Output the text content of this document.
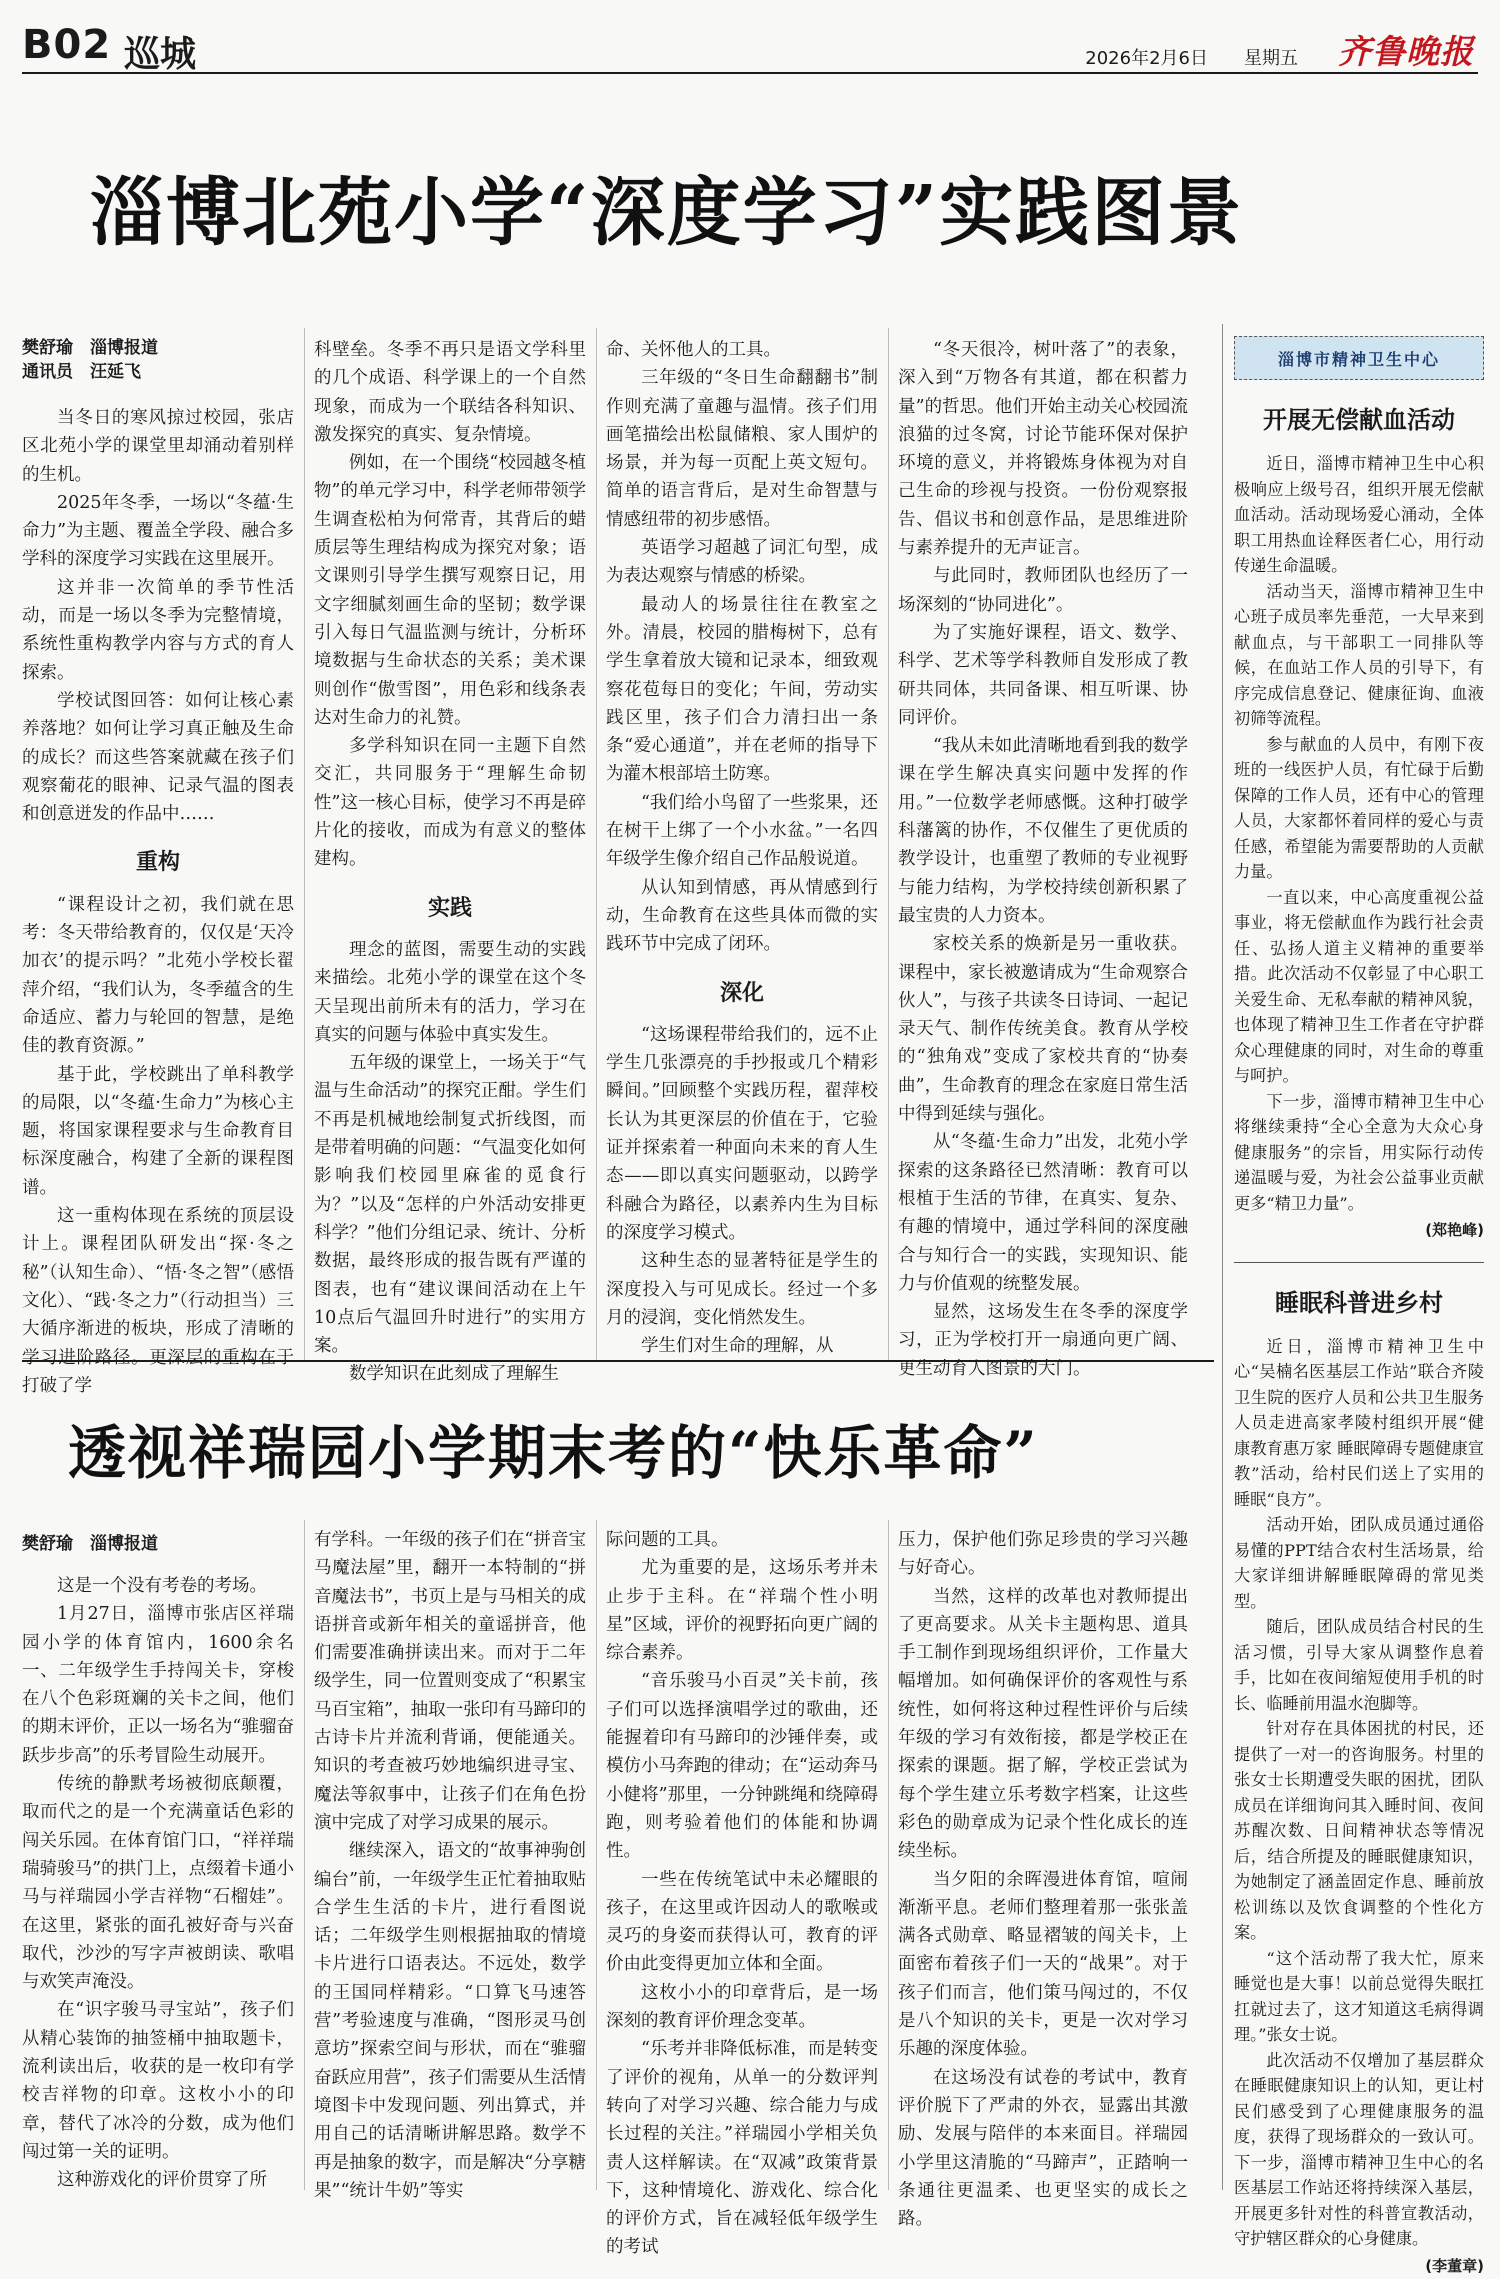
B02 巡城	2026年2月6日 星期五 齐鲁晚报
淄博北苑小学“深度学习”实践图景
樊舒瑜　淄博报道
通讯员　汪延飞

当冬日的寒风掠过校园，张店区北苑小学的课堂里却涌动着别样的生机。

2025年冬季，一场以“冬蕴·生命力”为主题、覆盖全学段、融合多学科的深度学习实践在这里展开。

这并非一次简单的季节性活动，而是一场以冬季为完整情境，系统性重构教学内容与方式的育人探索。

学校试图回答：如何让核心素养落地？如何让学习真正触及生命的成长？而这些答案就藏在孩子们观察葡花的眼神、记录气温的图表和创意迸发的作品中……

重构

“课程设计之初，我们就在思考：冬天带给教育的，仅仅是‘天冷加衣’的提示吗？”北苑小学校长翟萍介绍，“我们认为，冬季蕴含的生命适应、蓄力与轮回的智慧，是绝佳的教育资源。”

基于此，学校跳出了单科教学的局限，以“冬蕴·生命力”为核心主题，将国家课程要求与生命教育目标深度融合，构建了全新的课程图谱。

这一重构体现在系统的顶层设计上。课程团队研发出“探·冬之秘”（认知生命）、“悟·冬之智”（感悟文化）、“践·冬之力”（行动担当）三大循序渐进的板块，形成了清晰的学习进阶路径。更深层的重构在于打破了学

科壁垒。冬季不再只是语文学科里的几个成语、科学课上的一个自然现象，而成为一个联结各科知识、激发探究的真实、复杂情境。

例如，在一个围绕“校园越冬植物”的单元学习中，科学老师带领学生调查松柏为何常青，其背后的蜡质层等生理结构成为探究对象；语文课则引导学生撰写观察日记，用文字细腻刻画生命的坚韧；数学课引入每日气温监测与统计，分析环境数据与生命状态的关系；美术课则创作“傲雪图”，用色彩和线条表达对生命力的礼赞。

多学科知识在同一主题下自然交汇，共同服务于“理解生命韧性”这一核心目标，使学习不再是碎片化的接收，而成为有意义的整体建构。

实践

理念的蓝图，需要生动的实践来描绘。北苑小学的课堂在这个冬天呈现出前所未有的活力，学习在真实的问题与体验中真实发生。

五年级的课堂上，一场关于“气温与生命活动”的探究正酣。学生们不再是机械地绘制复式折线图，而是带着明确的问题：“气温变化如何影响我们校园里麻雀的觅食行为？”以及“怎样的户外活动安排更科学？”他们分组记录、统计、分析数据，最终形成的报告既有严谨的图表，也有“建议课间活动在上午10点后气温回升时进行”的实用方案。

数学知识在此刻成了理解生

命、关怀他人的工具。

三年级的“冬日生命翻翻书”制作则充满了童趣与温情。孩子们用画笔描绘出松鼠储粮、家人围炉的场景，并为每一页配上英文短句。简单的语言背后，是对生命智慧与情感纽带的初步感悟。

英语学习超越了词汇句型，成为表达观察与情感的桥梁。

最动人的场景往往在教室之外。清晨，校园的腊梅树下，总有学生拿着放大镜和记录本，细致观察花苞每日的变化；午间，劳动实践区里，孩子们合力清扫出一条条“爱心通道”，并在老师的指导下为灌木根部培土防寒。

“我们给小鸟留了一些浆果，还在树干上绑了一个小水盆。”一名四年级学生像介绍自己作品般说道。

从认知到情感，再从情感到行动，生命教育在这些具体而微的实践环节中完成了闭环。

深化

“这场课程带给我们的，远不止学生几张漂亮的手抄报或几个精彩瞬间。”回顾整个实践历程，翟萍校长认为其更深层的价值在于，它验证并探索着一种面向未来的育人生态——即以真实问题驱动，以跨学科融合为路径，以素养内生为目标的深度学习模式。

这种生态的显著特征是学生的深度投入与可见成长。经过一个多月的浸润，变化悄然发生。

学生们对生命的理解，从

“冬天很冷，树叶落了”的表象，深入到“万物各有其道，都在积蓄力量”的哲思。他们开始主动关心校园流浪猫的过冬窝，讨论节能环保对保护环境的意义，并将锻炼身体视为对自己生命的珍视与投资。一份份观察报告、倡议书和创意作品，是思维进阶与素养提升的无声证言。

与此同时，教师团队也经历了一场深刻的“协同进化”。

为了实施好课程，语文、数学、科学、艺术等学科教师自发形成了教研共同体，共同备课、相互听课、协同评价。

“我从未如此清晰地看到我的数学课在学生解决真实问题中发挥的作用。”一位数学老师感慨。这种打破学科藩篱的协作，不仅催生了更优质的教学设计，也重塑了教师的专业视野与能力结构，为学校持续创新积累了最宝贵的人力资本。

家校关系的焕新是另一重收获。课程中，家长被邀请成为“生命观察合伙人”，与孩子共读冬日诗词、一起记录天气、制作传统美食。教育从学校的“独角戏”变成了家校共育的“协奏曲”，生命教育的理念在家庭日常生活中得到延续与强化。

从“冬蕴·生命力”出发，北苑小学探索的这条路径已然清晰：教育可以根植于生活的节律，在真实、复杂、有趣的情境中，通过学科间的深度融合与知行合一的实践，实现知识、能力与价值观的统整发展。

显然，这场发生在冬季的深度学习，正为学校打开一扇通向更广阔、更生动育人图景的大门。

透视祥瑞园小学期末考的“快乐革命”
樊舒瑜　淄博报道

这是一个没有考卷的考场。

1月27日，淄博市张店区祥瑞园小学的体育馆内，1600余名一、二年级学生手持闯关卡，穿梭在八个色彩斑斓的关卡之间，他们的期末评价，正以一场名为“骓骝奋跃步步高”的乐考冒险生动展开。

传统的静默考场被彻底颠覆，取而代之的是一个充满童话色彩的闯关乐园。在体育馆门口，“祥祥瑞瑞骑骏马”的拱门上，点缀着卡通小马与祥瑞园小学吉祥物“石榴娃”。在这里，紧张的面孔被好奇与兴奋取代，沙沙的写字声被朗读、歌唱与欢笑声淹没。

在“识字骏马寻宝站”，孩子们从精心装饰的抽签桶中抽取题卡，流利读出后，收获的是一枚印有学校吉祥物的印章。这枚小小的印章，替代了冰冷的分数，成为他们闯过第一关的证明。

这种游戏化的评价贯穿了所

有学科。一年级的孩子们在“拼音宝马魔法屋”里，翻开一本特制的“拼音魔法书”，书页上是与马相关的成语拼音或新年相关的童谣拼音，他们需要准确拼读出来。而对于二年级学生，同一位置则变成了“积累宝马百宝箱”，抽取一张印有马蹄印的古诗卡片并流利背诵，便能通关。知识的考查被巧妙地编织进寻宝、魔法等叙事中，让孩子们在角色扮演中完成了对学习成果的展示。

继续深入，语文的“故事神驹创编台”前，一年级学生正忙着抽取贴合学生生活的卡片，进行看图说话；二年级学生则根据抽取的情境卡片进行口语表达。不远处，数学的王国同样精彩。“口算飞马速答营”考验速度与准确，“图形灵马创意坊”探索空间与形状，而在“骓骝奋跃应用营”，孩子们需要从生活情境图卡中发现问题、列出算式，并用自己的话清晰讲解思路。数学不再是抽象的数字，而是解决“分享糖果”“统计牛奶”等实

际问题的工具。

尤为重要的是，这场乐考并未止步于主科。在“祥瑞个性小明星”区域，评价的视野拓向更广阔的综合素养。

“音乐骏马小百灵”关卡前，孩子们可以选择演唱学过的歌曲，还能握着印有马蹄印的沙锤伴奏，或模仿小马奔跑的律动；在“运动奔马小健将”那里，一分钟跳绳和绕障碍跑，则考验着他们的体能和协调性。

一些在传统笔试中未必耀眼的孩子，在这里或许因动人的歌喉或灵巧的身姿而获得认可，教育的评价由此变得更加立体和全面。

这枚小小的印章背后，是一场深刻的教育评价理念变革。

“乐考并非降低标准，而是转变了评价的视角，从单一的分数评判转向了对学习兴趣、综合能力与成长过程的关注。”祥瑞园小学相关负责人这样解读。在“双减”政策背景下，这种情境化、游戏化、综合化的评价方式，旨在减轻低年级学生的考试

压力，保护他们弥足珍贵的学习兴趣与好奇心。

当然，这样的改革也对教师提出了更高要求。从关卡主题构思、道具手工制作到现场组织评价，工作量大幅增加。如何确保评价的客观性与系统性，如何将这种过程性评价与后续年级的学习有效衔接，都是学校正在探索的课题。据了解，学校正尝试为每个学生建立乐考数字档案，让这些彩色的勋章成为记录个性化成长的连续坐标。

当夕阳的余晖漫进体育馆，喧闹渐渐平息。老师们整理着那一张张盖满各式勋章、略显褶皱的闯关卡，上面密布着孩子们一天的“战果”。对于孩子们而言，他们策马闯过的，不仅是八个知识的关卡，更是一次对学习乐趣的深度体验。

在这场没有试卷的考试中，教育评价脱下了严肃的外衣，显露出其激励、发展与陪伴的本来面目。祥瑞园小学里这清脆的“马蹄声”，正踏响一条通往更温柔、也更坚实的成长之路。

淄博市精神卫生中心
开展无偿献血活动

近日，淄博市精神卫生中心积极响应上级号召，组织开展无偿献血活动。活动现场爱心涌动，全体职工用热血诠释医者仁心，用行动传递生命温暖。

活动当天，淄博市精神卫生中心班子成员率先垂范，一大早来到献血点，与干部职工一同排队等候，在血站工作人员的引导下，有序完成信息登记、健康征询、血液初筛等流程。

参与献血的人员中，有刚下夜班的一线医护人员，有忙碌于后勤保障的工作人员，还有中心的管理人员，大家都怀着同样的爱心与责任感，希望能为需要帮助的人贡献力量。

一直以来，中心高度重视公益事业，将无偿献血作为践行社会责任、弘扬人道主义精神的重要举措。此次活动不仅彰显了中心职工关爱生命、无私奉献的精神风貌，也体现了精神卫生工作者在守护群众心理健康的同时，对生命的尊重与呵护。

下一步，淄博市精神卫生中心将继续秉持“全心全意为大众心身健康服务”的宗旨，用实际行动传递温暖与爱，为社会公益事业贡献更多“精卫力量”。

(郑艳峰)
睡眠科普进乡村

近日，淄博市精神卫生中心“吴楠名医基层工作站”联合齐陵卫生院的医疗人员和公共卫生服务人员走进高家孝陵村组织开展“健康教育惠万家 睡眠障碍专题健康宣教”活动，给村民们送上了实用的睡眠“良方”。

活动开始，团队成员通过通俗易懂的PPT结合农村生活场景，给大家详细讲解睡眠障碍的常见类型。

随后，团队成员结合村民的生活习惯，引导大家从调整作息着手，比如在夜间缩短使用手机的时长、临睡前用温水泡脚等。

针对存在具体困扰的村民，还提供了一对一的咨询服务。村里的张女士长期遭受失眠的困扰，团队成员在详细询问其入睡时间、夜间苏醒次数、日间精神状态等情况后，结合所提及的睡眠健康知识，为她制定了涵盖固定作息、睡前放松训练以及饮食调整的个性化方案。

“这个活动帮了我大忙，原来睡觉也是大事！以前总觉得失眠扛扛就过去了，这才知道这毛病得调理。”张女士说。

此次活动不仅增加了基层群众在睡眠健康知识上的认知，更让村民们感受到了心理健康服务的温度，获得了现场群众的一致认可。下一步，淄博市精神卫生中心的名医基层工作站还将持续深入基层，开展更多针对性的科普宣教活动，守护辖区群众的心身健康。

(李董章)
